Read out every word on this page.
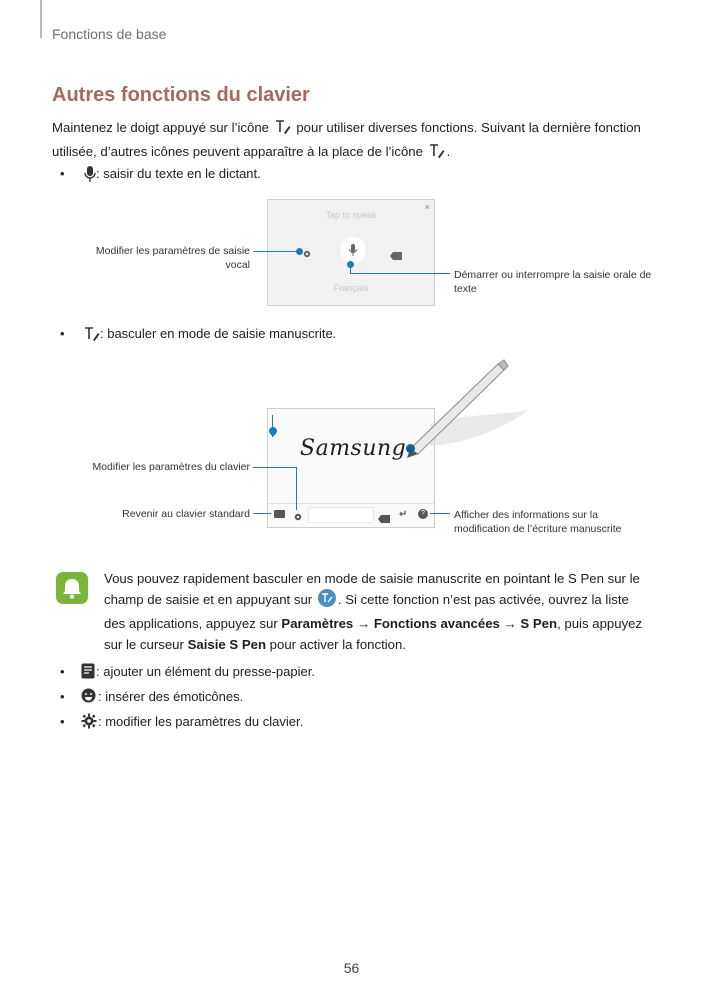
Fonctions de base
Autres fonctions du clavier
Maintenez le doigt appuyé sur l’icône pour utiliser diverses fonctions. Suivant la dernière fonction utilisée, d’autres icônes peuvent apparaître à la place de l’icône .
• : saisir du texte en le dictant.
Tap to speak
×
Français
Modifier les paramètres de saisie vocal
Démarrer ou interrompre la saisie orale de texte
•	: basculer en mode de saisie manuscrite.
↵	?
Samsung
Modifier les paramètres du clavier
Revenir au clavier standard	Afficher des informations sur la modification de l’écriture manuscrite
Vous pouvez rapidement basculer en mode de saisie manuscrite en pointant le S Pen sur le champ de saisie et en appuyant sur . Si cette fonction n’est pas activée, ouvrez la liste des applications, appuyez sur Paramètres → Fonctions avancées → S Pen, puis appuyez sur le curseur Saisie S Pen pour activer la fonction.
• : ajouter un élément du presse-papier.
•	: insérer des émoticônes.
•	: modifier les paramètres du clavier.
56
